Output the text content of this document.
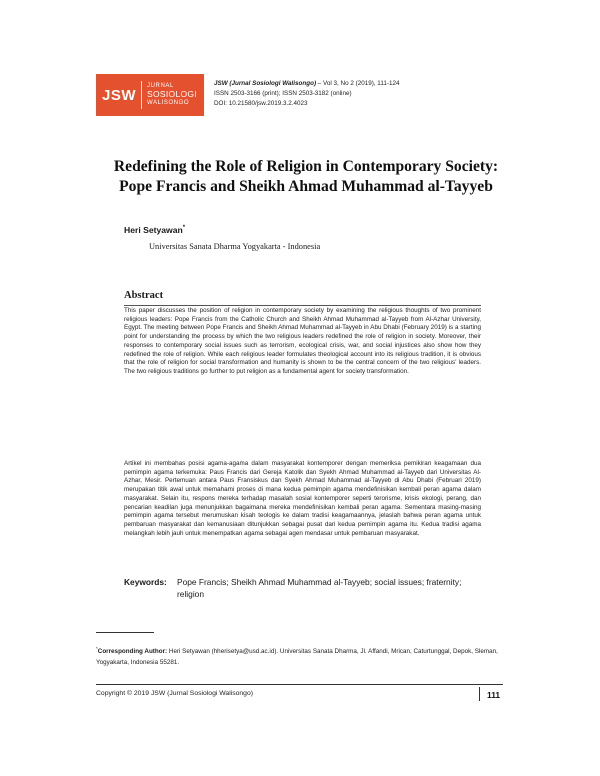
JSW
JURNAL
SOSIOLOGI
WALISONGO
JSW (Jurnal Sosiologi Walisongo) – Vol 3, No 2 (2019), 111-124
ISSN 2503-3166 (print); ISSN 2503-3182 (online)
DOI: 10.21580/jsw.2019.3.2.4023
Redefining the Role of Religion in Contemporary Society:
Pope Francis and Sheikh Ahmad Muhammad al-Tayyeb
Heri Setyawan*
Universitas Sanata Dharma Yogyakarta - Indonesia
Abstract
This paper discusses the position of religion in contemporary society by examining the religious thoughts of two prominent religious leaders: Pope Francis from the Catholic Church and Sheikh Ahmad Muhammad al-Tayyeb from Al-Azhar University, Egypt. The meeting between Pope Francis and Sheikh Ahmad Muhammad al-Tayyeb in Abu Dhabi (February 2019) is a starting point for understanding the process by which the two religious leaders redefined the role of religion in society. Moreover, their responses to contemporary social issues such as terrorism, ecological crisis, war, and social injustices also show how they redefined the role of religion. While each religious leader formulates theological account into its religious tradition, it is obvious that the role of religion for social transformation and humanity is shown to be the central concern of the two religious' leaders. The two religious traditions go further to put religion as a fundamental agent for society transformation.
Artikel ini membahas posisi agama-agama dalam masyarakat kontemporer dengan memeriksa pemikiran keagamaan dua pemimpin agama terkemuka: Paus Francis dari Gereja Katolik dan Syekh Ahmad Muhammad al-Tayyeb dari Universitas Al-Azhar, Mesir. Pertemuan antara Paus Fransiskus dan Syekh Ahmad Muhammad al-Tayyeb di Abu Dhabi (Februari 2019) merupakan titik awal untuk memahami proses di mana kedua pemimpin agama mendefinisikan kembali peran agama dalam masyarakat. Selain itu, respons mereka terhadap masalah sosial kontemporer seperti terorisme, krisis ekologi, perang, dan pencarian keadilan juga menunjukkan bagaimana mereka mendefinisikan kembali peran agama. Sementara masing-masing pemimpin agama tersebut merumuskan kisah teologis ke dalam tradisi keagamaannya, jelaslah bahwa peran agama untuk pembaruan masyarakat dan kemanusiaan ditunjukkan sebagai pusat dari kedua pemimpin agama itu. Kedua tradisi agama melangkah lebih jauh untuk menempatkan agama sebagai agen mendasar untuk pembaruan masyarakat.
Keywords:	Pope Francis; Sheikh Ahmad Muhammad al-Tayyeb; social issues; fraternity; religion
*Corresponding Author: Heri Setyawan (hherisetya@usd.ac.id). Universitas Sanata Dharma, Jl. Affandi, Mrican, Caturtunggal, Depok, Sleman, Yogyakarta, Indonesia 55281.
Copyright © 2019 JSW (Jurnal Sosiologi Walisongo)	111
